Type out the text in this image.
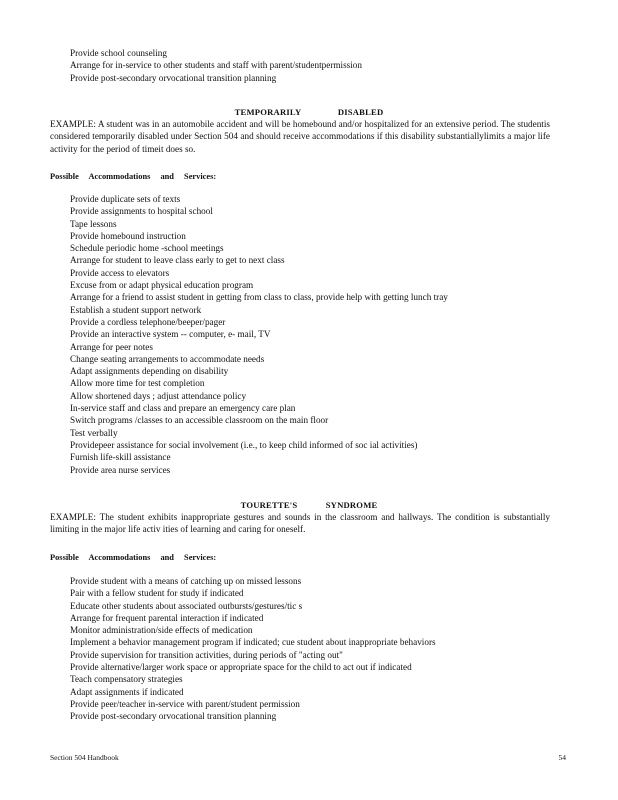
Provide school counseling
Arrange for in-service to other students and staff with parent/studentpermission
Provide post-secondary orvocational transition planning
TEMPORARILY	DISABLED
EXAMPLE: A student was in an automobile accident and will be homebound and/or hospitalized for an extensive period. The studentis considered temporarily disabled under Section 504 and should receive accommodations if this disability substantiallylimits a major life activity for the period of timeit does so.
Possible Accommodations and Services:
Provide duplicate sets of texts
Provide assignments to hospital school
Tape lessons
Provide homebound instruction
Schedule periodic home -school meetings
Arrange for student to leave class early to get to next class
Provide access to elevators
Excuse from or adapt physical education program
Arrange for a friend to assist student in getting from class to class, provide help with getting lunch tray
Establish a student support network
Provide a cordless telephone/beeper/pager
Provide an interactive system -- computer, e- mail, TV
Arrange for peer notes
Change seating arrangements to accommodate needs
Adapt assignments depending on disability
Allow more time for test completion
Allow shortened days ; adjust attendance policy
In-service staff and class and prepare an emergency care plan
Switch programs /classes to an accessible classroom on the main floor
Test verbally
Providepeer assistance for social involvement (i.e., to keep child informed of soc ial activities)
Furnish life-skill assistance
Provide area nurse services
TOURETTE'S	SYNDROME
EXAMPLE: The student exhibits inappropriate gestures and sounds in the classroom and hallways. The condition is substantially limiting in the major life activ ities of learning and caring for oneself.
Possible Accommodations and Services:
Provide student with a means of catching up on missed lessons
Pair with a fellow student for study if indicated
Educate other students about associated outbursts/gestures/tic s
Arrange for frequent parental interaction if indicated
Monitor administration/side effects of medication
Implement a behavior management program if indicated; cue student about inappropriate behaviors
Provide supervision for transition activities, during periods of "acting out"
Provide alternative/larger work space or appropriate space for the child to act out if indicated
Teach compensatory strategies
Adapt assignments if indicated
Provide peer/teacher in-service with parent/student permission
Provide post-secondary orvocational transition planning
Section 504 Handbook	54
